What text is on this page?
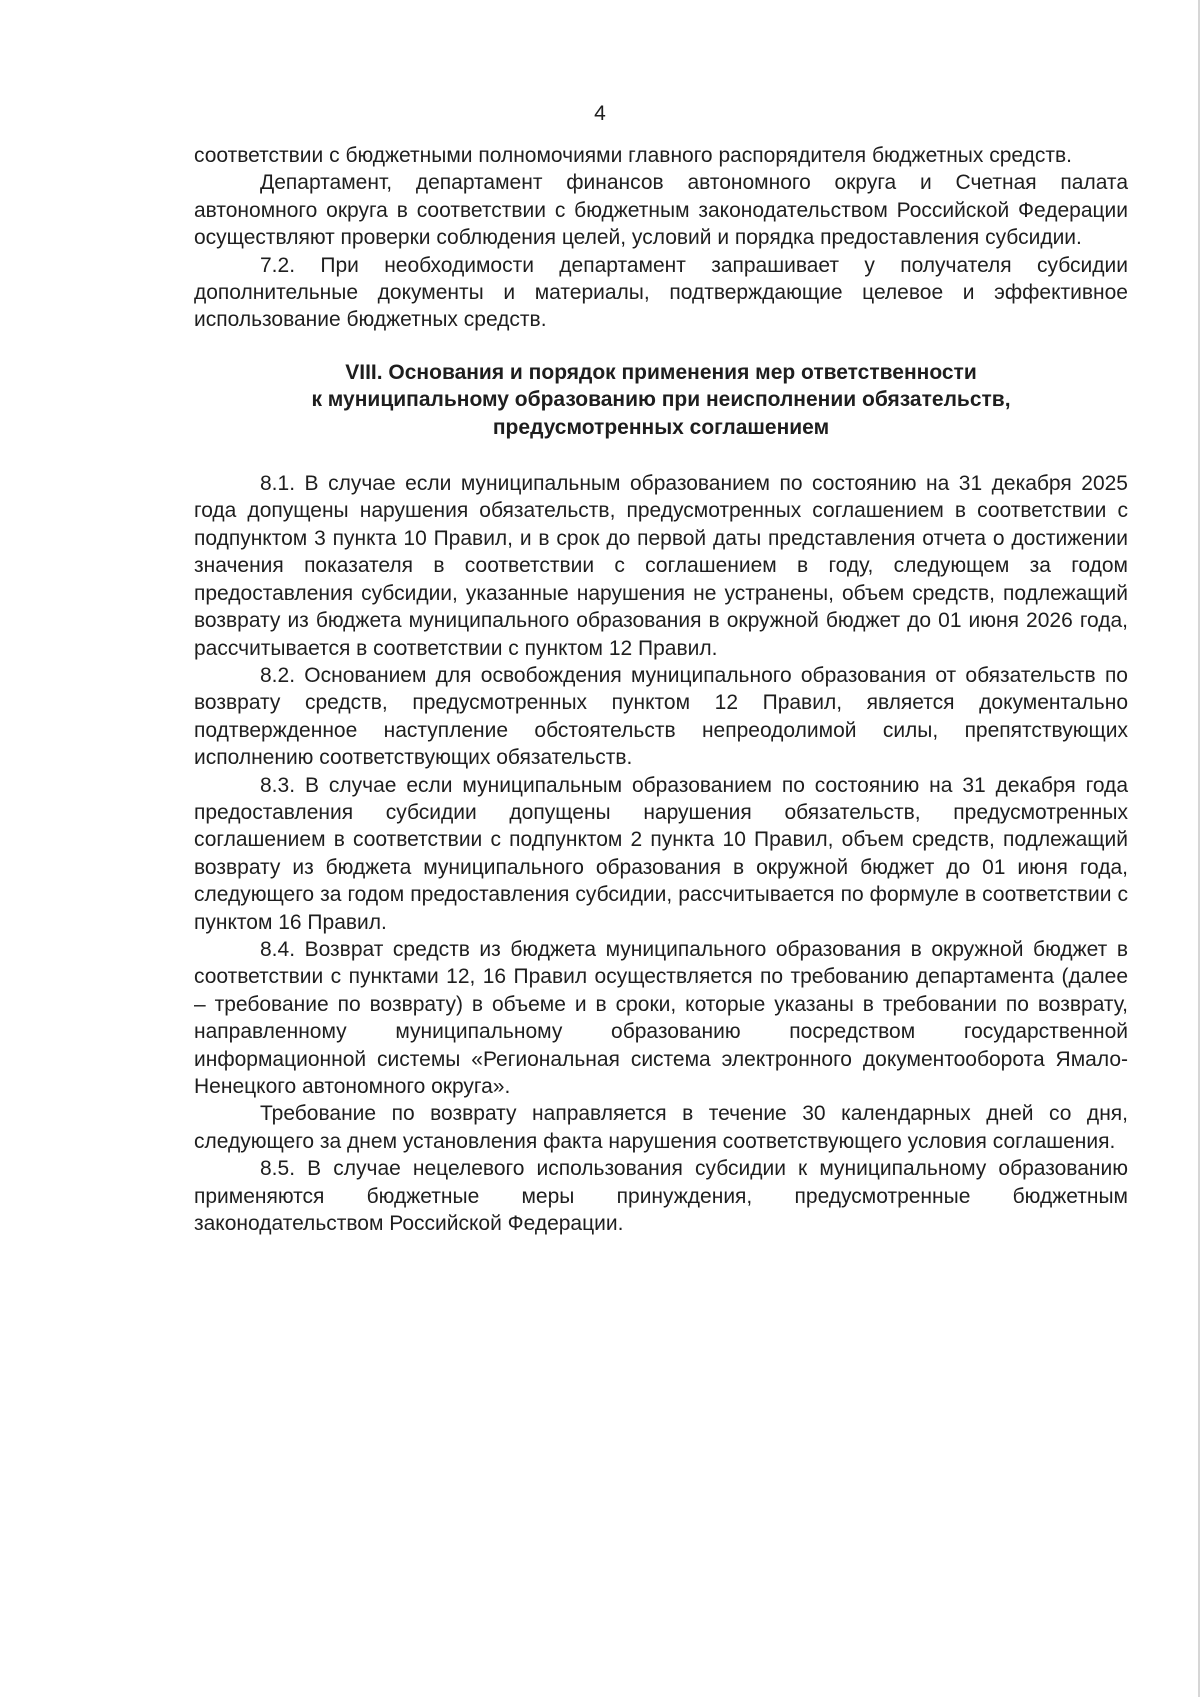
4

соответствии с бюджетными полномочиями главного распорядителя бюджетных средств.

Департамент, департамент финансов автономного округа и Счетная палата автономного округа в соответствии с бюджетным законодательством Российской Федерации осуществляют проверки соблюдения целей, условий и порядка предоставления субсидии.

7.2. При необходимости департамент запрашивает у получателя субсидии дополнительные документы и материалы, подтверждающие целевое и эффективное использование бюджетных средств.

VIII. Основания и порядок применения мер ответственности
к муниципальному образованию при неисполнении обязательств,
предусмотренных соглашением

8.1. В случае если муниципальным образованием по состоянию на 31 декабря 2025 года допущены нарушения обязательств, предусмотренных соглашением в соответствии с подпунктом 3 пункта 10 Правил, и в срок до первой даты представления отчета о достижении значения показателя в соответствии с соглашением в году, следующем за годом предоставления субсидии, указанные нарушения не устранены, объем средств, подлежащий возврату из бюджета муниципального образования в окружной бюджет до 01 июня 2026 года, рассчитывается в соответствии с пунктом 12 Правил.

8.2. Основанием для освобождения муниципального образования от обязательств по возврату средств, предусмотренных пунктом 12 Правил, является документально подтвержденное наступление обстоятельств непреодолимой силы, препятствующих исполнению соответствующих обязательств.

8.3. В случае если муниципальным образованием по состоянию на 31 декабря года предоставления субсидии допущены нарушения обязательств, предусмотренных соглашением в соответствии с подпунктом 2 пункта 10 Правил, объем средств, подлежащий возврату из бюджета муниципального образования в окружной бюджет до 01 июня года, следующего за годом предоставления субсидии, рассчитывается по формуле в соответствии с пунктом 16 Правил.

8.4. Возврат средств из бюджета муниципального образования в окружной бюджет в соответствии с пунктами 12, 16 Правил осуществляется по требованию департамента (далее – требование по возврату) в объеме и в сроки, которые указаны в требовании по возврату, направленному муниципальному образованию посредством государственной информационной системы «Региональная система электронного документооборота Ямало-Ненецкого автономного округа».

Требование по возврату направляется в течение 30 календарных дней со дня, следующего за днем установления факта нарушения соответствующего условия соглашения.

8.5. В случае нецелевого использования субсидии к муниципальному образованию применяются бюджетные меры принуждения, предусмотренные бюджетным законодательством Российской Федерации.
